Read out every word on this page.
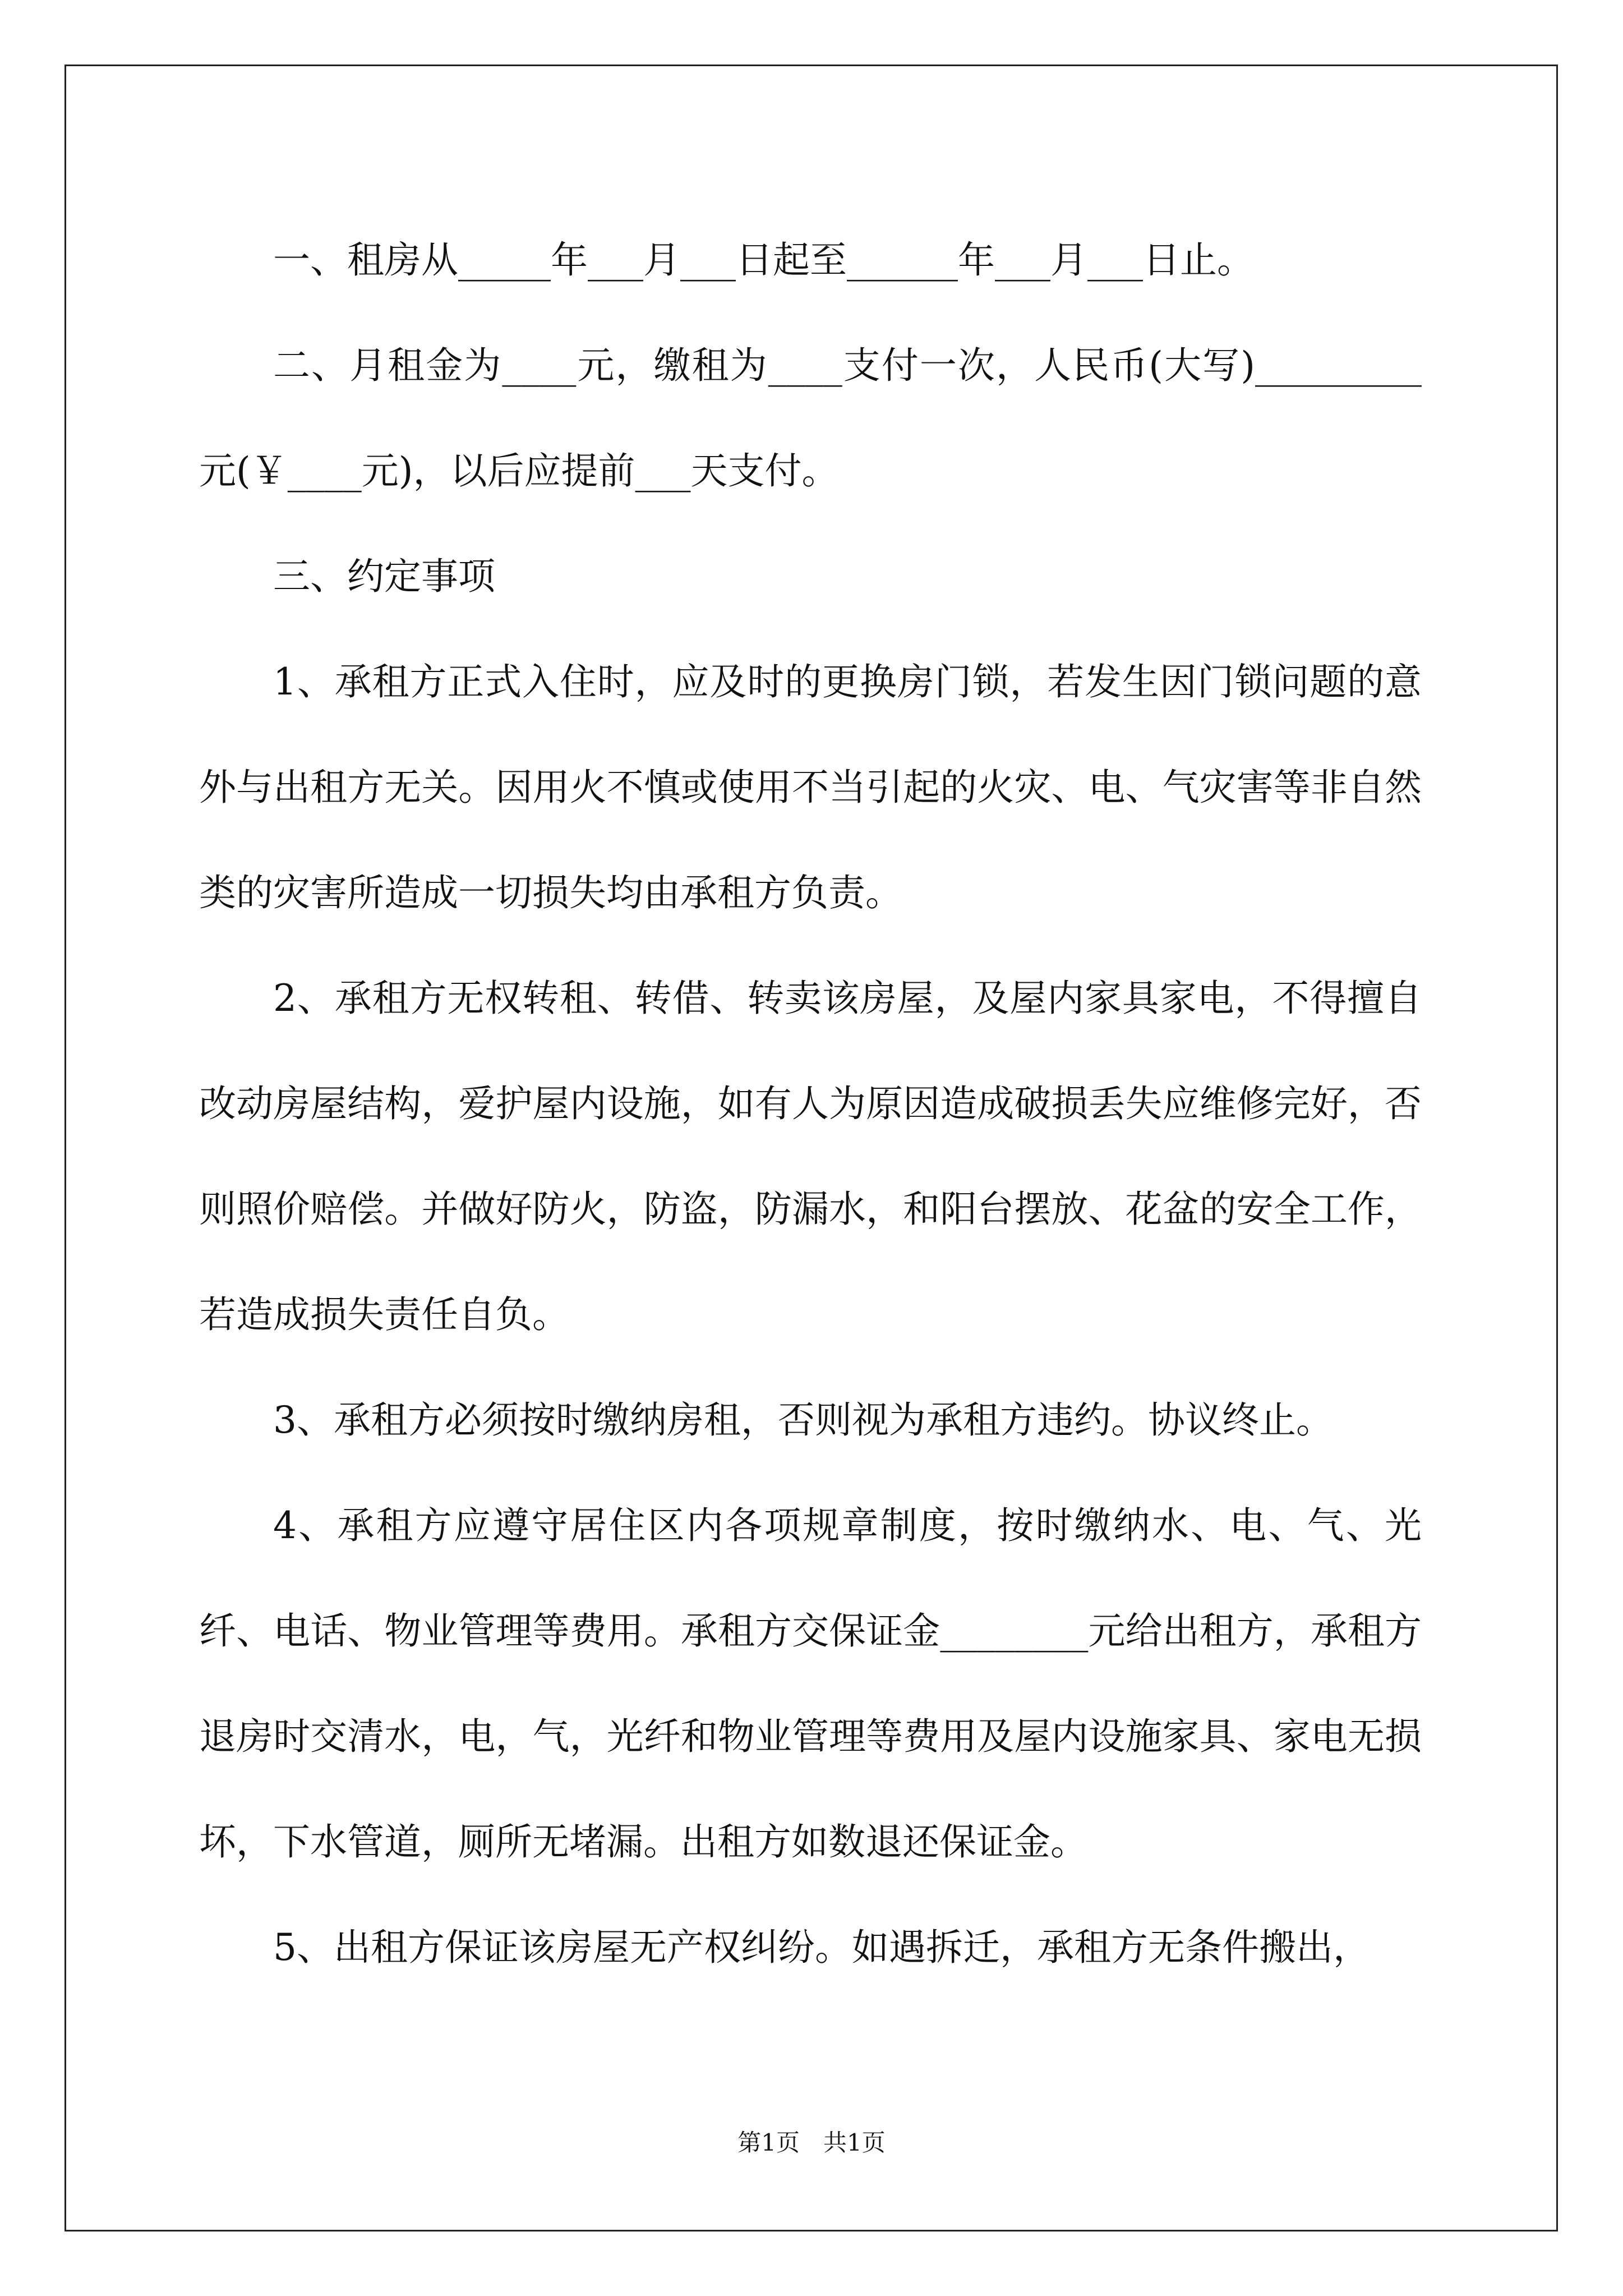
一、租房从_____年___月___日起至______年___月___日止。

二、月租金为____元，缴租为____支付一次，人民币(大写)_________元(￥____元)，以后应提前___天支付。

三、约定事项

1、承租方正式入住时，应及时的更换房门锁，若发生因门锁问题的意外与出租方无关。因用火不慎或使用不当引起的火灾、电、气灾害等非自然类的灾害所造成一切损失均由承租方负责。

2、承租方无权转租、转借、转卖该房屋，及屋内家具家电，不得擅自改动房屋结构，爱护屋内设施，如有人为原因造成破损丢失应维修完好，否则照价赔偿。并做好防火，防盗，防漏水，和阳台摆放、花盆的安全工作，若造成损失责任自负。

3、承租方必须按时缴纳房租，否则视为承租方违约。协议终止。

4、承租方应遵守居住区内各项规章制度，按时缴纳水、电、气、光纤、电话、物业管理等费用。承租方交保证金________元给出租方，承租方退房时交清水，电，气，光纤和物业管理等费用及屋内设施家具、家电无损坏，下水管道，厕所无堵漏。出租方如数退还保证金。

5、出租方保证该房屋无产权纠纷。如遇拆迁，承租方无条件搬出，

第1页　共1页
